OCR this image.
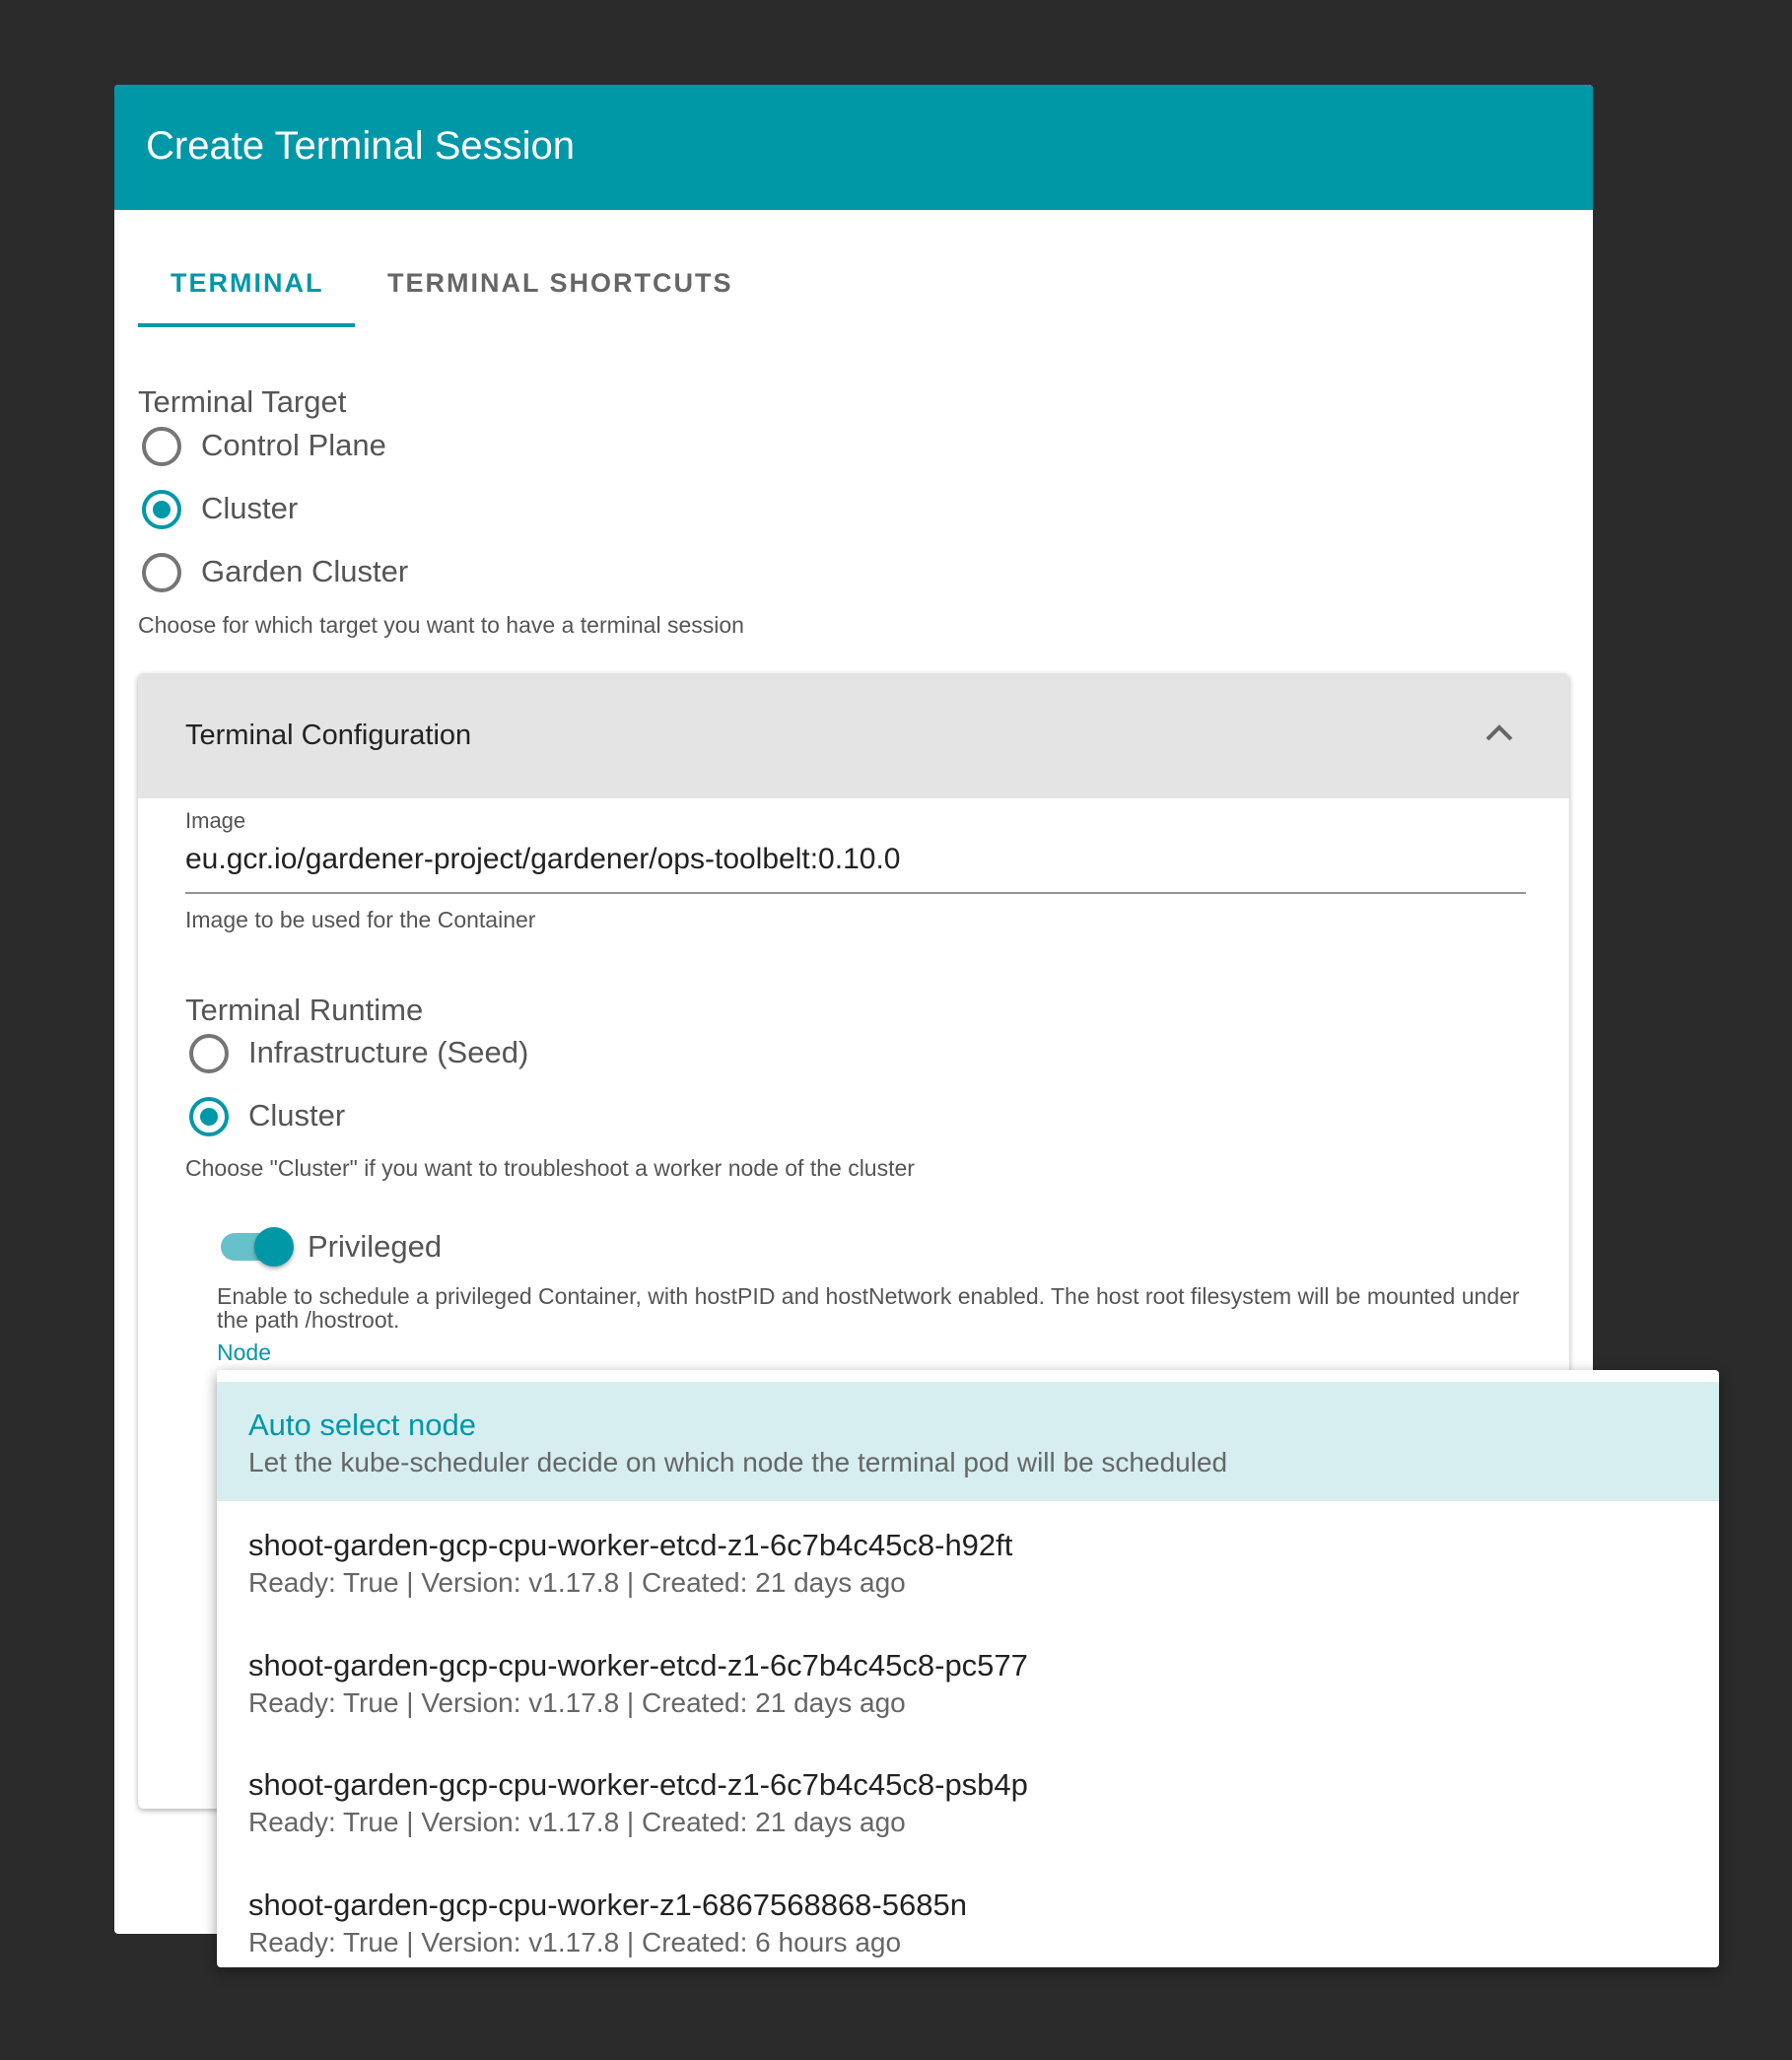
Create Terminal Session
TERMINAL TERMINAL SHORTCUTS
Terminal Target
Control Plane
Cluster
Garden Cluster
Choose for which target you want to have a terminal session
Terminal Configuration
Image
eu.gcr.io/gardener-project/gardener/ops-toolbelt:0.10.0
Image to be used for the Container
Terminal Runtime
Infrastructure (Seed)
Cluster
Choose "Cluster" if you want to troubleshoot a worker node of the cluster
Privileged
Enable to schedule a privileged Container, with hostPID and hostNetwork enabled. The host root filesystem will be mounted under the path /hostroot.
Node
Auto select node
Let the kube-scheduler decide on which node the terminal pod will be scheduled
shoot-garden-gcp-cpu-worker-etcd-z1-6c7b4c45c8-h92ft
Ready: True | Version: v1.17.8 | Created: 21 days ago
shoot-garden-gcp-cpu-worker-etcd-z1-6c7b4c45c8-pc577
Ready: True | Version: v1.17.8 | Created: 21 days ago
shoot-garden-gcp-cpu-worker-etcd-z1-6c7b4c45c8-psb4p
Ready: True | Version: v1.17.8 | Created: 21 days ago
shoot-garden-gcp-cpu-worker-z1-6867568868-5685n
Ready: True | Version: v1.17.8 | Created: 6 hours ago
